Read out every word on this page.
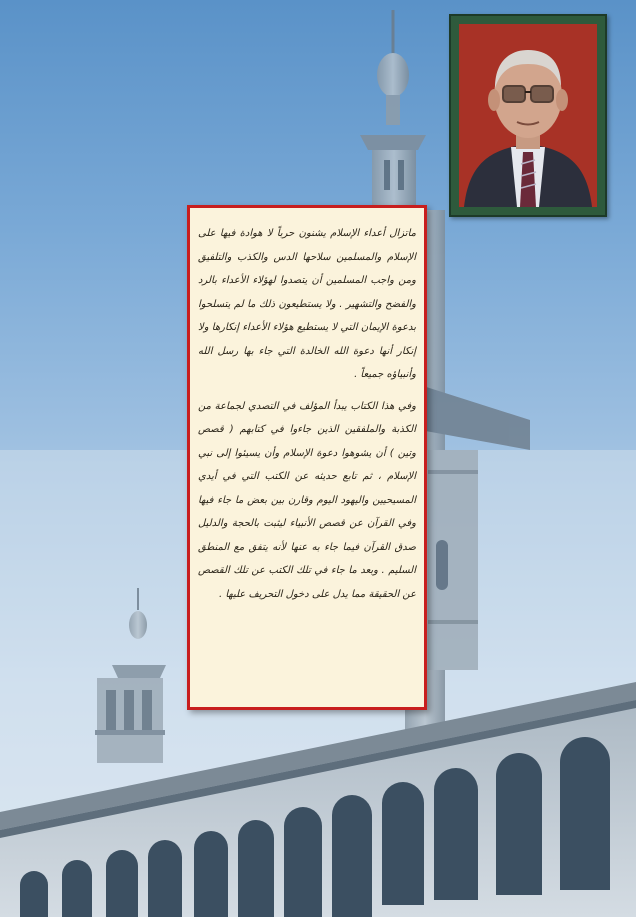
ماتزال أعداء الإسلام يشنون حرباً لا هوادة فيها على الإسلام والمسلمين سلاحها الدس والكذب والتلفيق ومن واجب المسلمين أن يتصدوا لهؤلاء الأعداء بالرد والفضح والتشهير . ولا يستطيعون ذلك ما لم يتسلحوا بدعوة الإيمان التي لا يستطيع هؤلاء الأعداء إنكارها ولا إنكار أنها دعوة الله الخالدة التي جاء بها رسل الله وأنبياؤه جميعاً .

وفي هذا الكتاب يبدأ المؤلف في التصدي لجماعة من الكذبة والملفقين الذين جاءوا في كتابهم ( قصص وتين ) أن يشوهوا دعوة الإسلام وأن يسيئوا إلى نبي الإسلام ، ثم تابع حديثه عن الكتب التي في أيدي المسيحيين واليهود اليوم وقارن بين بعض ما جاء فيها وفي القرآن عن قصص الأنبياء ليثبت بالحجة والدليل صدق القرآن فيما جاء به عنها لأنه يتفق مع المنطق السليم . وبعد ما جاء في تلك الكتب عن تلك القصص عن الحقيقة مما يدل على دخول التحريف عليها .
